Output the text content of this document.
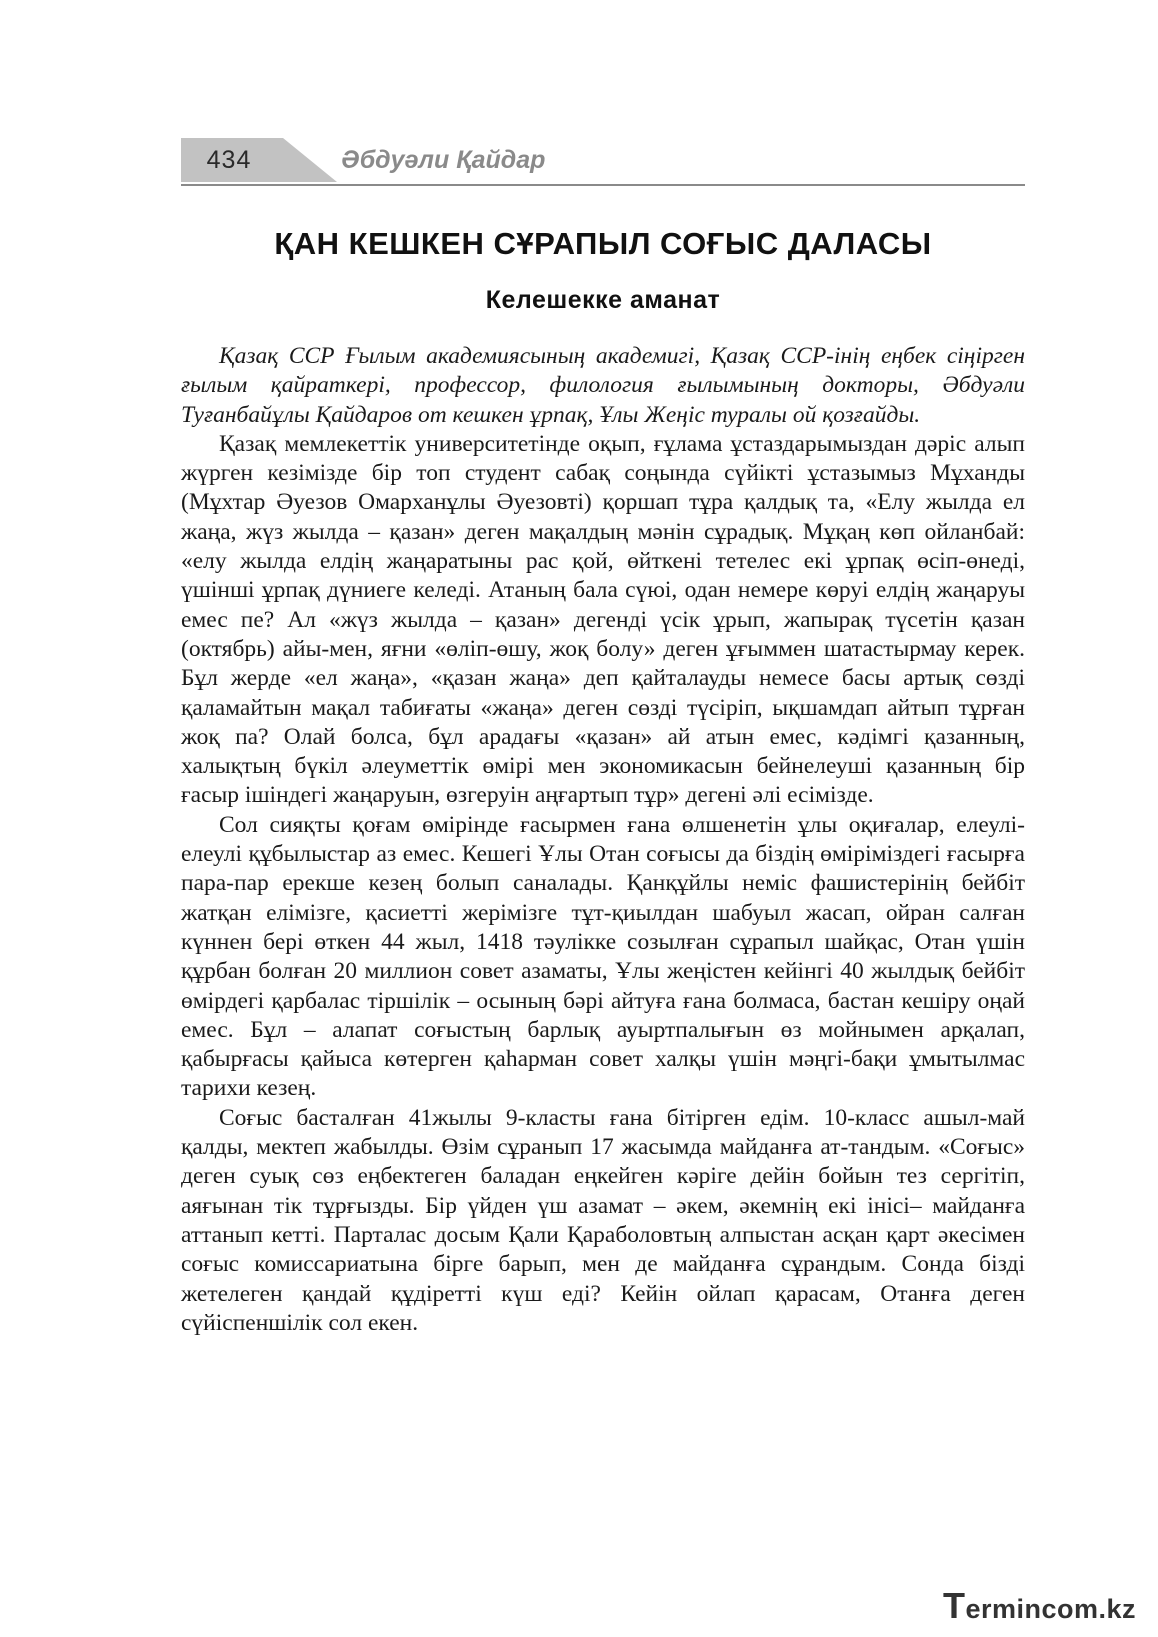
434	Әбдуәли Қайдар
ҚАН КЕШКЕН СҰРАПЫЛ СОҒЫС ДАЛАСЫ
Келешекке аманат

Қазақ ССР Ғылым академиясының академигі, Қазақ ССР-інің еңбек сіңірген ғылым қайраткері, профессор, филология ғылымының докторы, Әбдуәли Туғанбайұлы Қайдаров от кешкен ұрпақ, Ұлы Жеңіс туралы ой қозғайды.

Қазақ мемлекеттік университетінде оқып, ғұлама ұстаздарымыздан дәріс алып жүрген кезімізде бір топ студент сабақ соңында сүйікті ұстазымыз Мұханды (Мұхтар Әуезов Омарханұлы Әуезовті) қоршап тұра қалдық та, «Елу жылда ел жаңа, жүз жылда – қазан» деген мақалдың мәнін сұрадық. Мұқаң көп ойланбай: «елу жылда елдің жаңаратыны рас қой, өйткені тетелес екі ұрпақ өсіп-өнеді, үшінші ұрпақ дүниеге келеді. Атаның бала сүюі, одан немере көруі елдің жаңаруы емес пе? Ал «жүз жылда – қазан» дегенді үсік ұрып, жапырақ түсетін қазан (октябрь) айы-мен, яғни «өліп-өшу, жоқ болу» деген ұғыммен шатастырмау керек. Бұл жерде «ел жаңа», «қазан жаңа» деп қайталауды немесе басы артық сөзді қаламайтын мақал табиғаты «жаңа» деген сөзді түсіріп, ықшамдап айтып тұрған жоқ па? Олай болса, бұл арадағы «қазан» ай атын емес, кәдімгі қазанның, халықтың бүкіл әлеуметтік өмірі мен экономикасын бейнелеуші қазанның бір ғасыр ішіндегі жаңаруын, өзгеруін аңғартып тұр» дегені әлі есімізде.

Сол сияқты қоғам өмірінде ғасырмен ғана өлшенетін ұлы оқиғалар, елеулі-елеулі құбылыстар аз емес. Кешегі Ұлы Отан соғысы да біздің өміріміздегі ғасырға пара-пар ерекше кезең болып саналады. Қанқұйлы неміс фашистерінің бейбіт жатқан елімізге, қасиетті жерімізге тұт-қиылдан шабуыл жасап, ойран салған күннен бері өткен 44 жыл, 1418 тәулікке созылған сұрапыл шайқас, Отан үшін құрбан болған 20 миллион совет азаматы, Ұлы жеңістен кейінгі 40 жылдық бейбіт өмірдегі қарбалас тіршілік – осының бәрі айтуға ғана болмаса, бастан кешіру оңай емес. Бұл – алапат соғыстың барлық ауыртпалығын өз мойнымен арқалап, қабырғасы қайыса көтерген қаһарман совет халқы үшін мәңгі-бақи ұмытылмас тарихи кезең.

Соғыс басталған 41жылы 9-класты ғана бітірген едім. 10-класс ашыл-май қалды, мектеп жабылды. Өзім сұранып 17 жасымда майданға ат-тандым. «Соғыс» деген суық сөз еңбектеген баладан еңкейген кәріге дейін бойын тез сергітіп, аяғынан тік тұрғызды. Бір үйден үш азамат – әкем, әкемнің екі інісі– майданға аттанып кетті. Парталас досым Қали Қараболовтың алпыстан асқан қарт әкесімен соғыс комиссариатына бірге барып, мен де майданға сұрандым. Сонда бізді жетелеген қандай құдіретті күш еді? Кейін ойлап қарасам, Отанға деген сүйіспеншілік сол екен.

Termincom.kz
